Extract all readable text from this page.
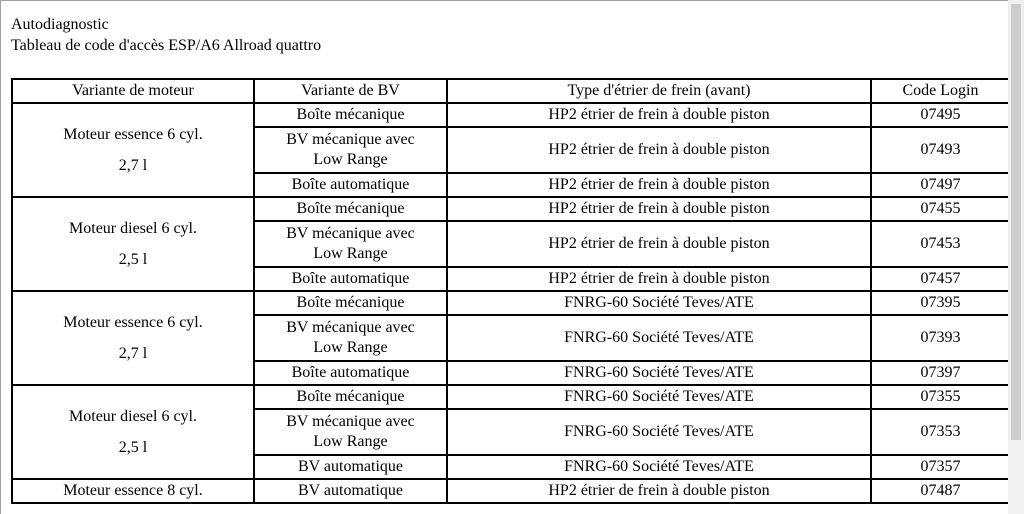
Autodiagnostic
Tableau de code d'accès ESP/A6 Allroad quattro
Variante de moteur	Variante de BV	Type d'étrier de frein (avant)	Code Login

Moteur essence 6 cyl.
2,7 l	Boîte mécanique	HP2 étrier de frein à double piston	07495
	BV mécanique avec Low Range	HP2 étrier de frein à double piston	07493
	Boîte automatique	HP2 étrier de frein à double piston	07497

Moteur diesel 6 cyl.
2,5 l	Boîte mécanique	HP2 étrier de frein à double piston	07455
	BV mécanique avec Low Range	HP2 étrier de frein à double piston	07453
	Boîte automatique	HP2 étrier de frein à double piston	07457

Moteur essence 6 cyl.
2,7 l	Boîte mécanique	FNRG-60 Société Teves/ATE	07395
	BV mécanique avec Low Range	FNRG-60 Société Teves/ATE	07393
	Boîte automatique	FNRG-60 Société Teves/ATE	07397

Moteur diesel 6 cyl.
2,5 l	Boîte mécanique	FNRG-60 Société Teves/ATE	07355
	BV mécanique avec Low Range	FNRG-60 Société Teves/ATE	07353
	BV automatique	FNRG-60 Société Teves/ATE	07357

Moteur essence 8 cyl.	BV automatique	HP2 étrier de frein à double piston	07487
